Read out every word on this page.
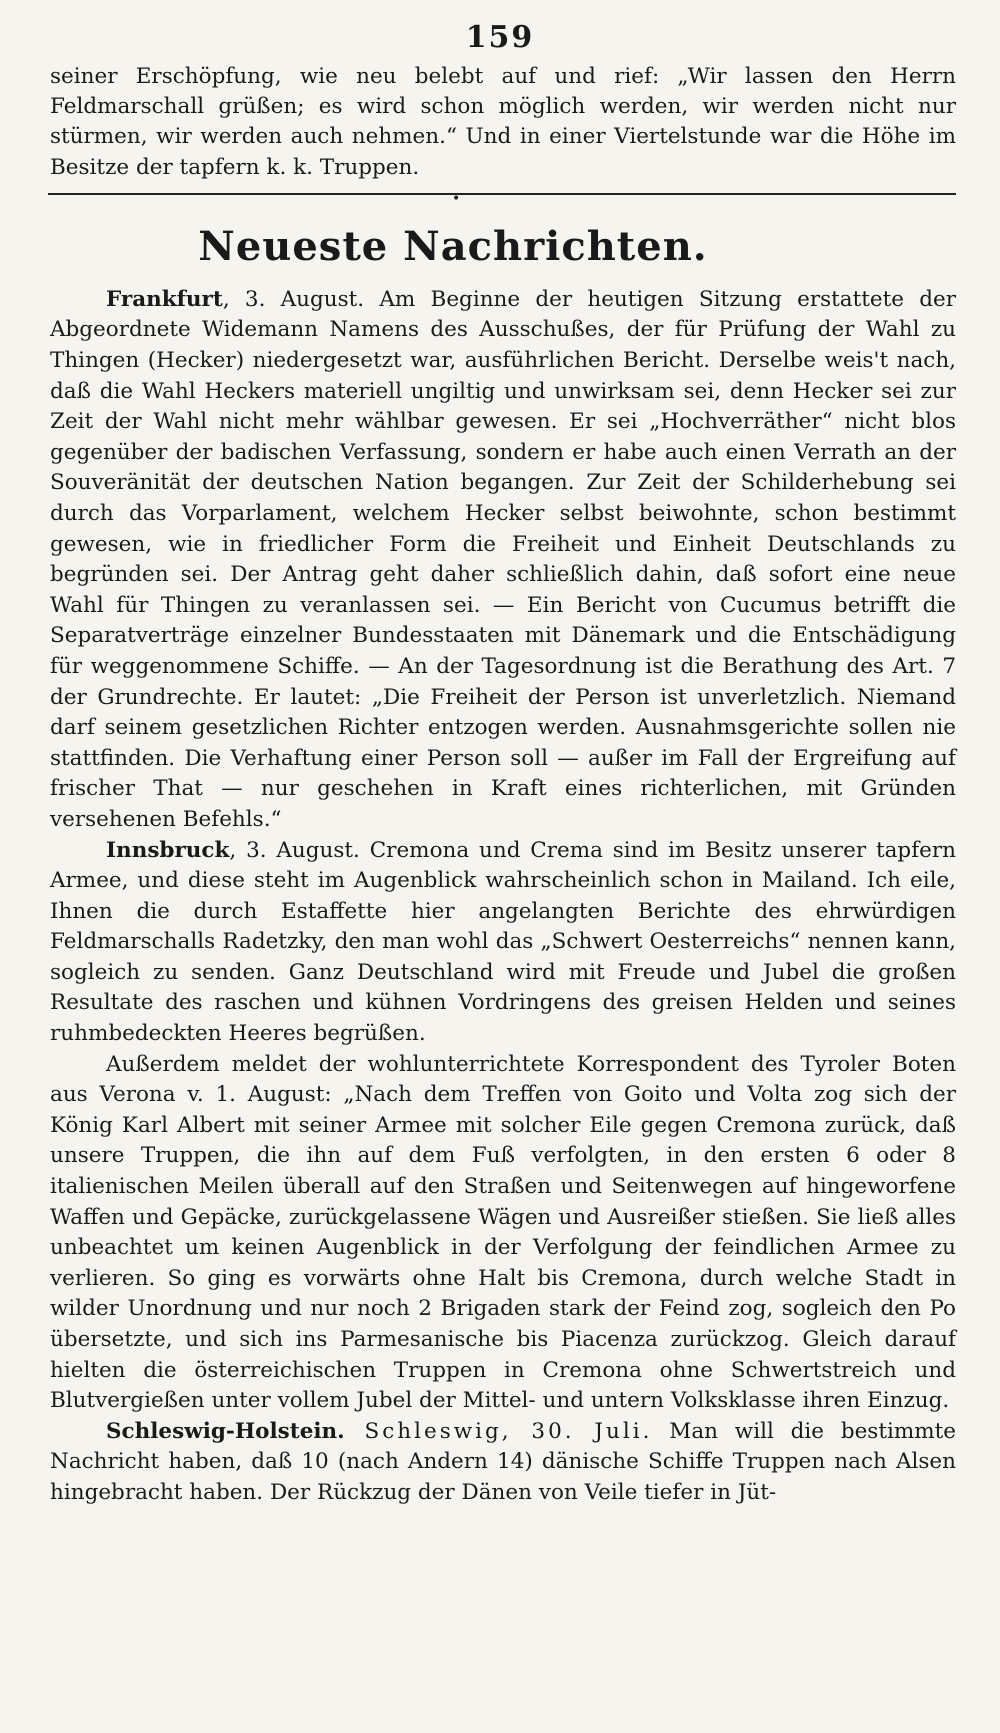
159

seiner Erschöpfung, wie neu belebt auf und rief: „Wir lassen den Herrn Feldmarschall grüßen; es wird schon möglich werden, wir werden nicht nur stürmen, wir werden auch nehmen.“ Und in einer Viertelstunde war die Höhe im Besitze der tapfern k. k. Truppen.

•
Neueste Nachrichten.

Frankfurt, 3. August. Am Beginne der heutigen Sitzung erstattete der Abgeordnete Widemann Namens des Ausschußes, der für Prüfung der Wahl zu Thingen (Hecker) niedergesetzt war, ausführlichen Bericht. Derselbe weis't nach, daß die Wahl Heckers materiell ungiltig und unwirksam sei, denn Hecker sei zur Zeit der Wahl nicht mehr wählbar gewesen. Er sei „Hochverräther“ nicht blos gegenüber der badischen Verfassung, sondern er habe auch einen Verrath an der Souveränität der deutschen Nation begangen. Zur Zeit der Schilderhebung sei durch das Vorparlament, welchem Hecker selbst beiwohnte, schon bestimmt gewesen, wie in friedlicher Form die Freiheit und Einheit Deutschlands zu begründen sei. Der Antrag geht daher schließlich dahin, daß sofort eine neue Wahl für Thingen zu veranlassen sei. — Ein Bericht von Cucumus betrifft die Separatverträge einzelner Bundesstaaten mit Dänemark und die Entschädigung für weggenommene Schiffe. — An der Tagesordnung ist die Berathung des Art. 7 der Grundrechte. Er lautet: „Die Freiheit der Person ist unverletzlich. Niemand darf seinem gesetzlichen Richter entzogen werden. Ausnahmsgerichte sollen nie stattfinden. Die Verhaftung einer Person soll — außer im Fall der Ergreifung auf frischer That — nur geschehen in Kraft eines richterlichen, mit Gründen versehenen Befehls.“

Innsbruck, 3. August. Cremona und Crema sind im Besitz unserer tapfern Armee, und diese steht im Augenblick wahrscheinlich schon in Mailand. Ich eile, Ihnen die durch Estaffette hier angelangten Berichte des ehrwürdigen Feldmarschalls Radetzky, den man wohl das „Schwert Oesterreichs“ nennen kann, sogleich zu senden. Ganz Deutschland wird mit Freude und Jubel die großen Resultate des raschen und kühnen Vordringens des greisen Helden und seines ruhmbedeckten Heeres begrüßen.

Außerdem meldet der wohlunterrichtete Korrespondent des Tyroler Boten aus Verona v. 1. August: „Nach dem Treffen von Goito und Volta zog sich der König Karl Albert mit seiner Armee mit solcher Eile gegen Cremona zurück, daß unsere Truppen, die ihn auf dem Fuß verfolgten, in den ersten 6 oder 8 italienischen Meilen überall auf den Straßen und Seitenwegen auf hingeworfene Waffen und Gepäcke, zurückgelassene Wägen und Ausreißer stießen. Sie ließ alles unbeachtet um keinen Augenblick in der Verfolgung der feindlichen Armee zu verlieren. So ging es vorwärts ohne Halt bis Cremona, durch welche Stadt in wilder Unordnung und nur noch 2 Brigaden stark der Feind zog, sogleich den Po übersetzte, und sich ins Parmesanische bis Piacenza zurückzog. Gleich darauf hielten die österreichischen Truppen in Cremona ohne Schwertstreich und Blutvergießen unter vollem Jubel der Mittel- und untern Volksklasse ihren Einzug.

Schleswig-Holstein. Schleswig, 30. Juli. Man will die bestimmte Nachricht haben, daß 10 (nach Andern 14) dänische Schiffe Truppen nach Alsen hingebracht haben. Der Rückzug der Dänen von Veile tiefer in Jüt-
